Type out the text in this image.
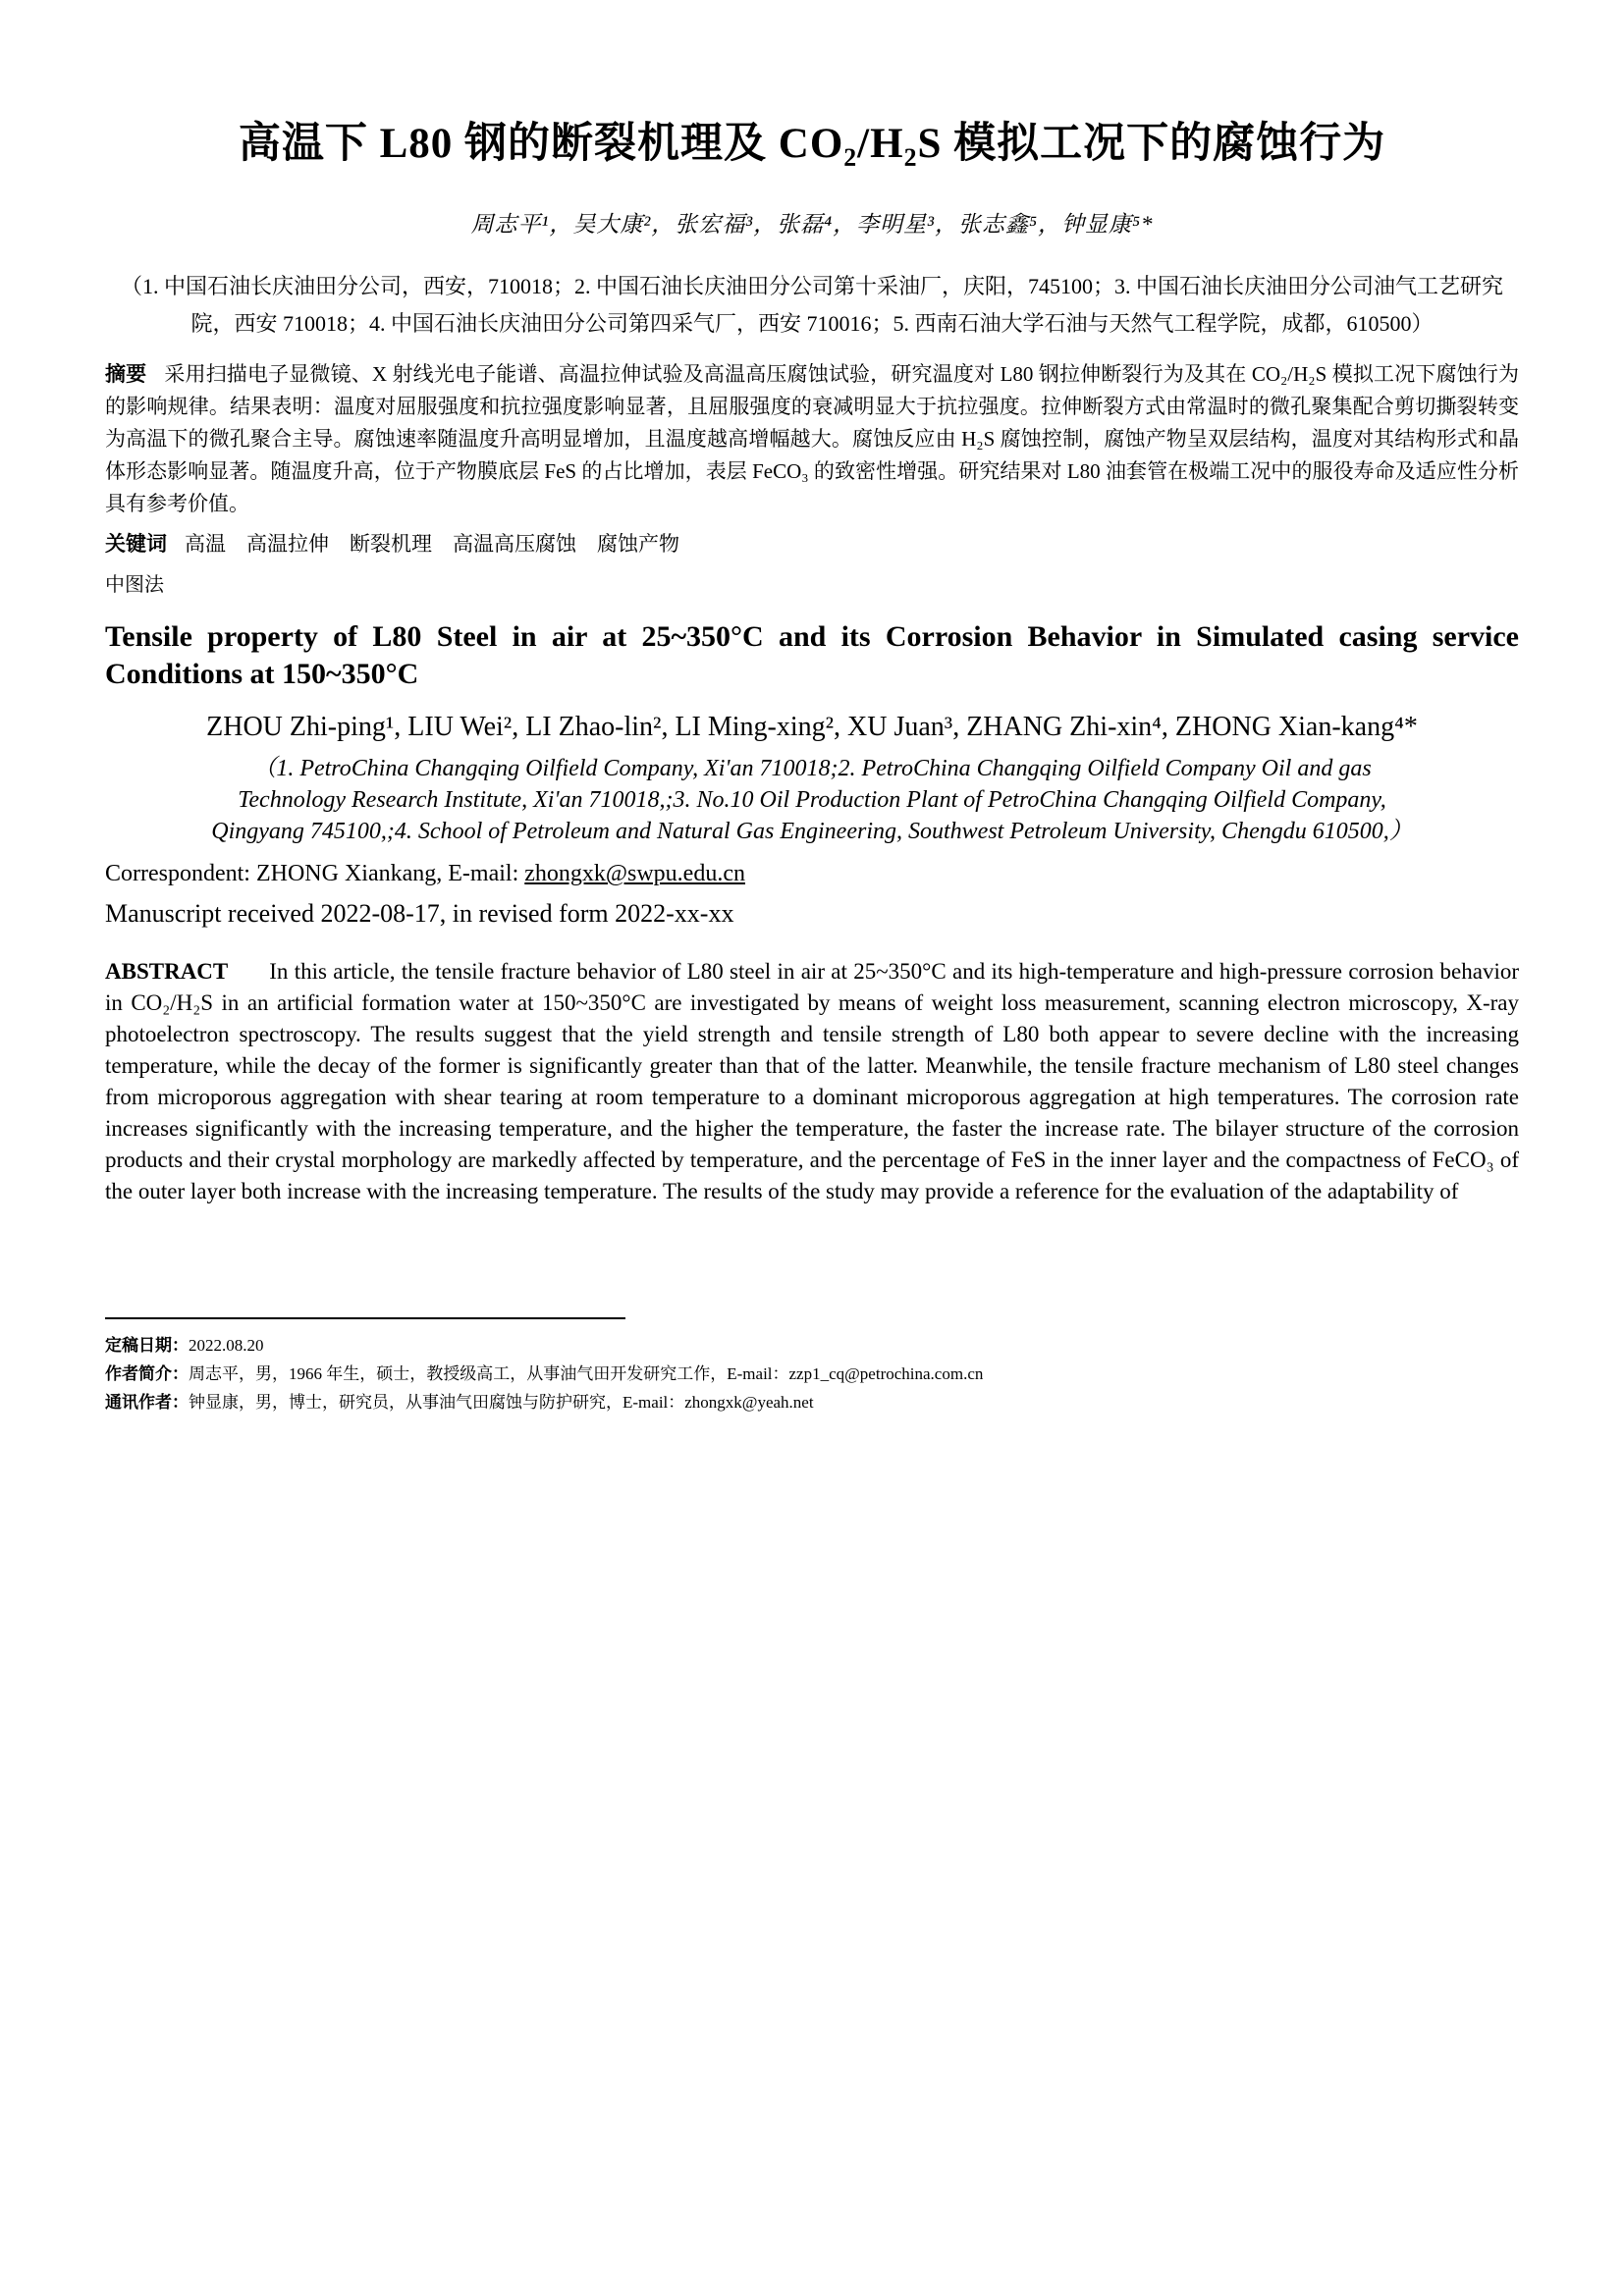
高温下 L80 钢的断裂机理及 CO₂/H₂S 模拟工况下的腐蚀行为

周志平¹，吴大康²，张宏福³，张磊⁴，李明星³，张志鑫⁵，钟显康⁵*

（1. 中国石油长庆油田分公司，西安，710018；2. 中国石油长庆油田分公司第十采油厂，庆阳，745100；3. 中国石油长庆油田分公司油气工艺研究院，西安 710018；4. 中国石油长庆油田分公司第四采气厂，西安 710016；5. 西南石油大学石油与天然气工程学院，成都，610500）

摘要 采用扫描电子显微镜、X 射线光电子能谱、高温拉伸试验及高温高压腐蚀试验，研究温度对 L80 钢拉伸断裂行为及其在 CO₂/H₂S 模拟工况下腐蚀行为的影响规律。结果表明：温度对屈服强度和抗拉强度影响显著，且屈服强度的衰减明显大于抗拉强度。拉伸断裂方式由常温时的微孔聚集配合剪切撕裂转变为高温下的微孔聚合主导。腐蚀速率随温度升高明显增加，且温度越高增幅越大。腐蚀反应由 H₂S 腐蚀控制，腐蚀产物呈双层结构，温度对其结构形式和晶体形态影响显著。随温度升高，位于产物膜底层 FeS 的占比增加，表层 FeCO₃ 的致密性增强。研究结果对 L80 油套管在极端工况中的服役寿命及适应性分析具有参考价值。

关键词 高温　高温拉伸　断裂机理　高温高压腐蚀　腐蚀产物

中图法

Tensile property of L80 Steel in air at 25~350°C and its Corrosion Behavior in Simulated casing service Conditions at 150~350°C

ZHOU Zhi-ping¹, LIU Wei², LI Zhao-lin², LI Ming-xing², XU Juan³, ZHANG Zhi-xin⁴, ZHONG Xian-kang⁴*

（1. PetroChina Changqing Oilfield Company, Xi'an 710018;2. PetroChina Changqing Oilfield Company Oil and gas Technology Research Institute, Xi'an 710018,;3. No.10 Oil Production Plant of PetroChina Changqing Oilfield Company, Qingyang 745100,;4. School of Petroleum and Natural Gas Engineering, Southwest Petroleum University, Chengdu 610500,）

Correspondent: ZHONG Xiankang, E-mail: zhongxk@swpu.edu.cn

Manuscript received 2022-08-17, in revised form 2022-xx-xx

ABSTRACT In this article, the tensile fracture behavior of L80 steel in air at 25~350°C and its high-temperature and high-pressure corrosion behavior in CO₂/H₂S in an artificial formation water at 150~350°C are investigated by means of weight loss measurement, scanning electron microscopy, X-ray photoelectron spectroscopy. The results suggest that the yield strength and tensile strength of L80 both appear to severe decline with the increasing temperature, while the decay of the former is significantly greater than that of the latter. Meanwhile, the tensile fracture mechanism of L80 steel changes from microporous aggregation with shear tearing at room temperature to a dominant microporous aggregation at high temperatures. The corrosion rate increases significantly with the increasing temperature, and the higher the temperature, the faster the increase rate. The bilayer structure of the corrosion products and their crystal morphology are markedly affected by temperature, and the percentage of FeS in the inner layer and the compactness of FeCO₃ of the outer layer both increase with the increasing temperature. The results of the study may provide a reference for the evaluation of the adaptability of

定稿日期：2022.08.20

作者简介：周志平，男，1966 年生，硕士，教授级高工，从事油气田开发研究工作，E-mail：zzp1_cq@petrochina.com.cn

通讯作者：钟显康，男，博士，研究员，从事油气田腐蚀与防护研究，E-mail：zhongxk@yeah.net
